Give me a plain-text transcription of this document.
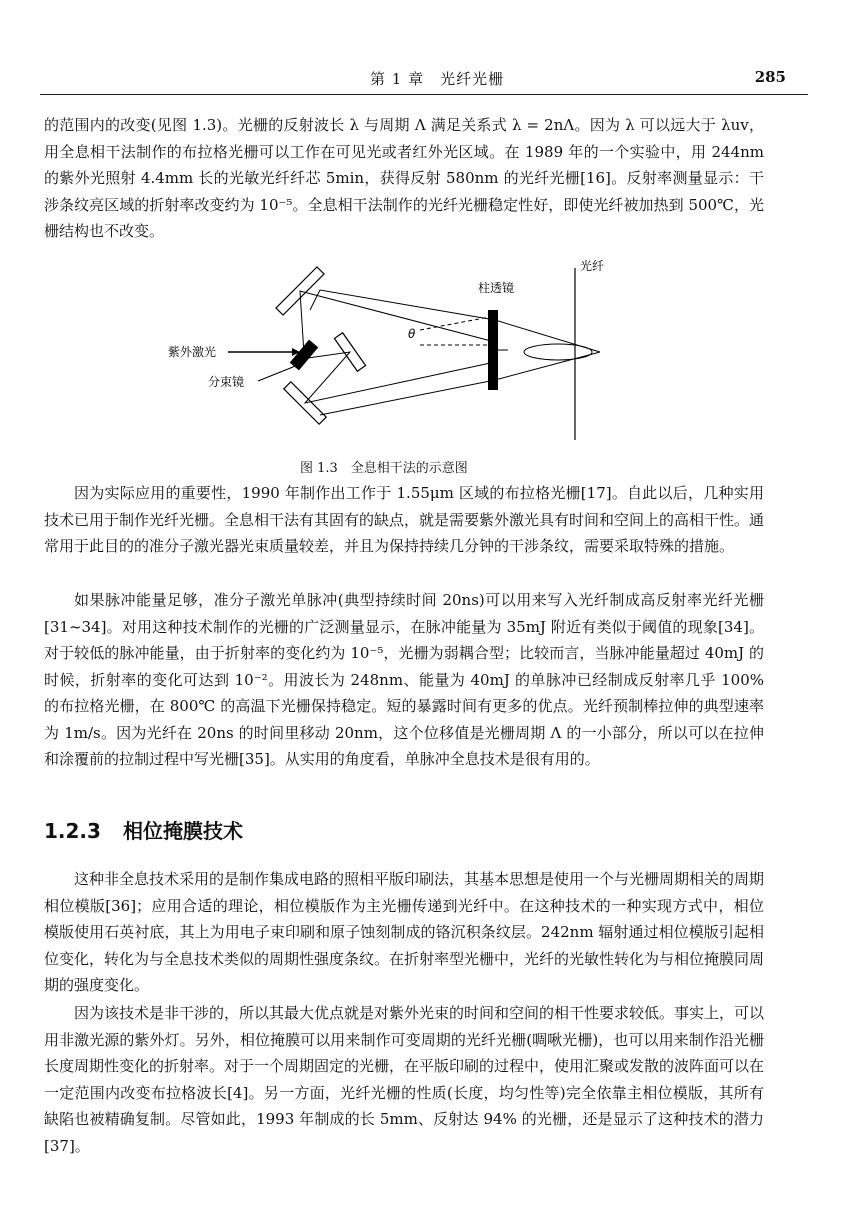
第 1 章　光纤光栅	285

的范围内的改变(见图 1.3)。光栅的反射波长 λ 与周期 Λ 满足关系式 λ = 2nΛ。因为 λ 可以远大于 λuv，用全息相干法制作的布拉格光栅可以工作在可见光或者红外光区域。在 1989 年的一个实验中，用 244nm 的紫外光照射 4.4mm 长的光敏光纤纤芯 5min，获得反射 580nm 的光纤光栅[16]。反射率测量显示：干涉条纹亮区域的折射率改变约为 10⁻⁵。全息相干法制作的光纤光栅稳定性好，即使光纤被加热到 500℃，光栅结构也不改变。

θ
光纤
柱透镜
紫外激光
分束镜
图 1.3　全息相干法的示意图

因为实际应用的重要性，1990 年制作出工作于 1.55μm 区域的布拉格光栅[17]。自此以后，几种实用技术已用于制作光纤光栅。全息相干法有其固有的缺点，就是需要紫外激光具有时间和空间上的高相干性。通常用于此目的的准分子激光器光束质量较差，并且为保持持续几分钟的干涉条纹，需要采取特殊的措施。

如果脉冲能量足够，准分子激光单脉冲(典型持续时间 20ns)可以用来写入光纤制成高反射率光纤光栅[31~34]。对用这种技术制作的光栅的广泛测量显示，在脉冲能量为 35mJ 附近有类似于阈值的现象[34]。对于较低的脉冲能量，由于折射率的变化约为 10⁻⁵，光栅为弱耦合型；比较而言，当脉冲能量超过 40mJ 的时候，折射率的变化可达到 10⁻²。用波长为 248nm、能量为 40mJ 的单脉冲已经制成反射率几乎 100% 的布拉格光栅，在 800℃ 的高温下光栅保持稳定。短的暴露时间有更多的优点。光纤预制棒拉伸的典型速率为 1m/s。因为光纤在 20ns 的时间里移动 20nm，这个位移值是光栅周期 Λ 的一小部分，所以可以在拉伸和涂覆前的拉制过程中写光栅[35]。从实用的角度看，单脉冲全息技术是很有用的。

1.2.3 相位掩膜技术

这种非全息技术采用的是制作集成电路的照相平版印刷法，其基本思想是使用一个与光栅周期相关的周期相位模版[36]；应用合适的理论，相位模版作为主光栅传递到光纤中。在这种技术的一种实现方式中，相位模版使用石英衬底，其上为用电子束印刷和原子蚀刻制成的铬沉积条纹层。242nm 辐射通过相位模版引起相位变化，转化为与全息技术类似的周期性强度条纹。在折射率型光栅中，光纤的光敏性转化为与相位掩膜同周期的强度变化。

因为该技术是非干涉的，所以其最大优点就是对紫外光束的时间和空间的相干性要求较低。事实上，可以用非激光源的紫外灯。另外，相位掩膜可以用来制作可变周期的光纤光栅(啁啾光栅)，也可以用来制作沿光栅长度周期性变化的折射率。对于一个周期固定的光栅，在平版印刷的过程中，使用汇聚或发散的波阵面可以在一定范围内改变布拉格波长[4]。另一方面，光纤光栅的性质(长度，均匀性等)完全依靠主相位模版，其所有缺陷也被精确复制。尽管如此，1993 年制成的长 5mm、反射达 94% 的光栅，还是显示了这种技术的潜力[37]。
